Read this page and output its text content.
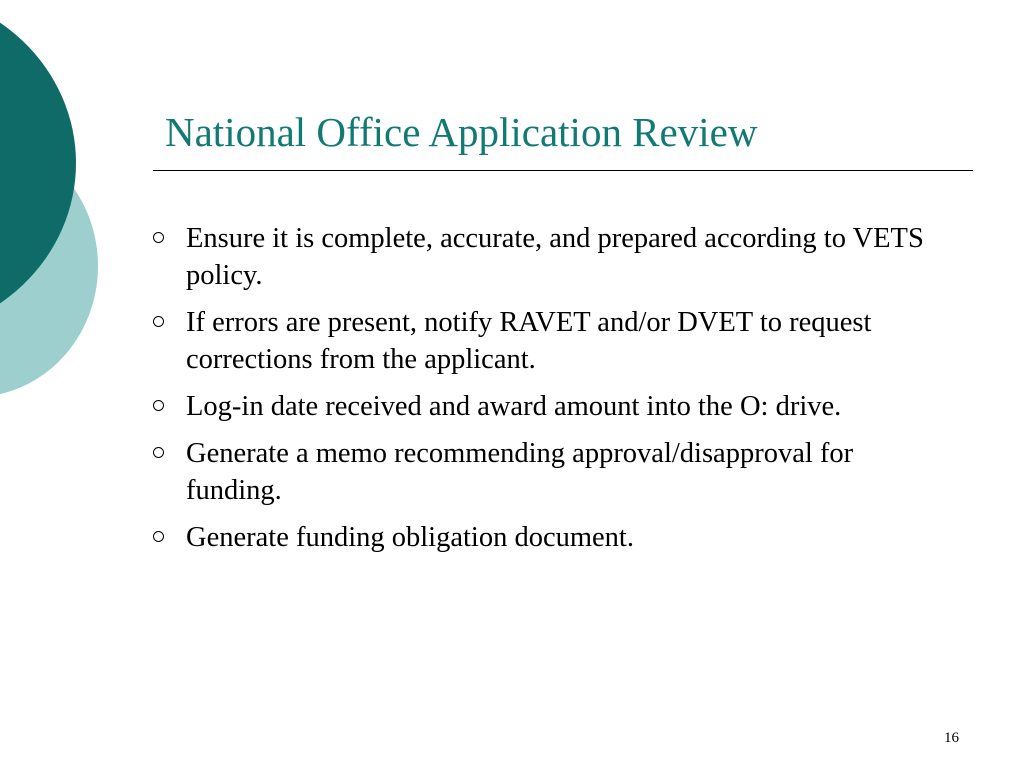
National Office Application Review
Ensure it is complete, accurate, and prepared according to VETS policy.
If errors are present, notify RAVET and/or DVET to request corrections from the applicant.
Log-in date received and award amount into the O: drive.
Generate a memo recommending approval/disapproval for funding.
Generate funding obligation document.
16
